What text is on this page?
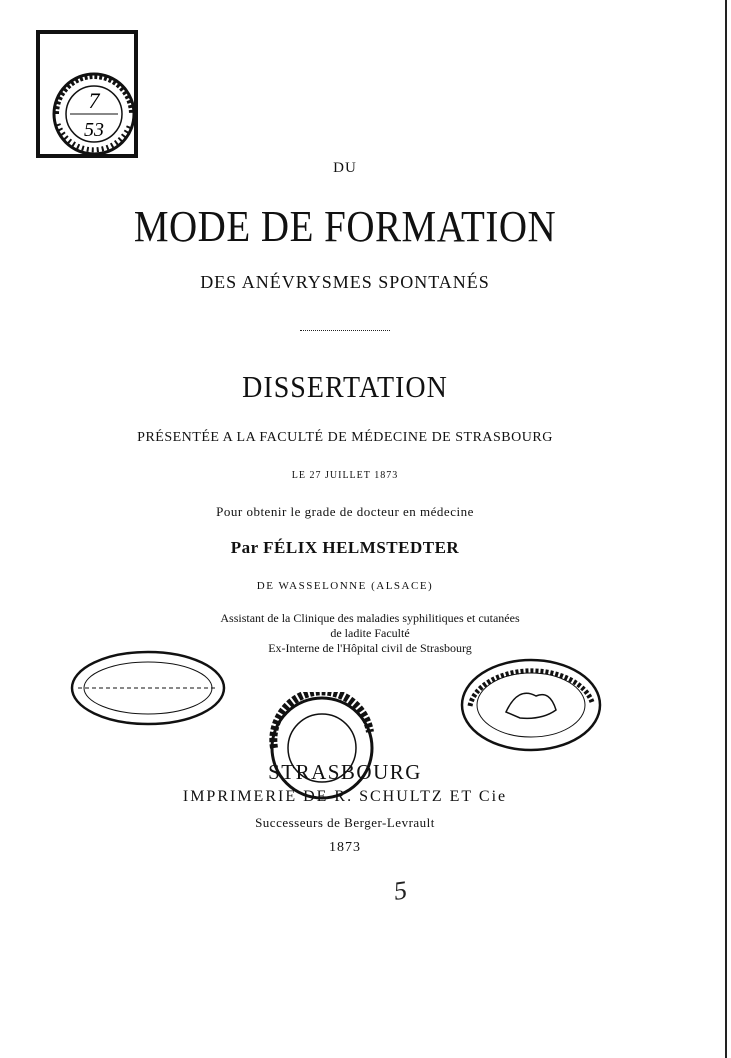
7
53
DU
MODE DE FORMATION
DES ANÉVRYSMES SPONTANÉS
DISSERTATION
PRÉSENTÉE A LA FACULTÉ DE MÉDECINE DE STRASBOURG
LE 27 JUILLET 1873
Pour obtenir le grade de docteur en médecine
Par FÉLIX HELMSTEDTER
DE WASSELONNE (ALSACE)
Assistant de la Clinique des maladies syphilitiques et cutanées
de ladite Faculté
Ex-Interne de l'Hôpital civil de Strasbourg
STRASBOURG
IMPRIMERIE DE R. SCHULTZ ET Cie
Successeurs de Berger-Levrault
1873
5
